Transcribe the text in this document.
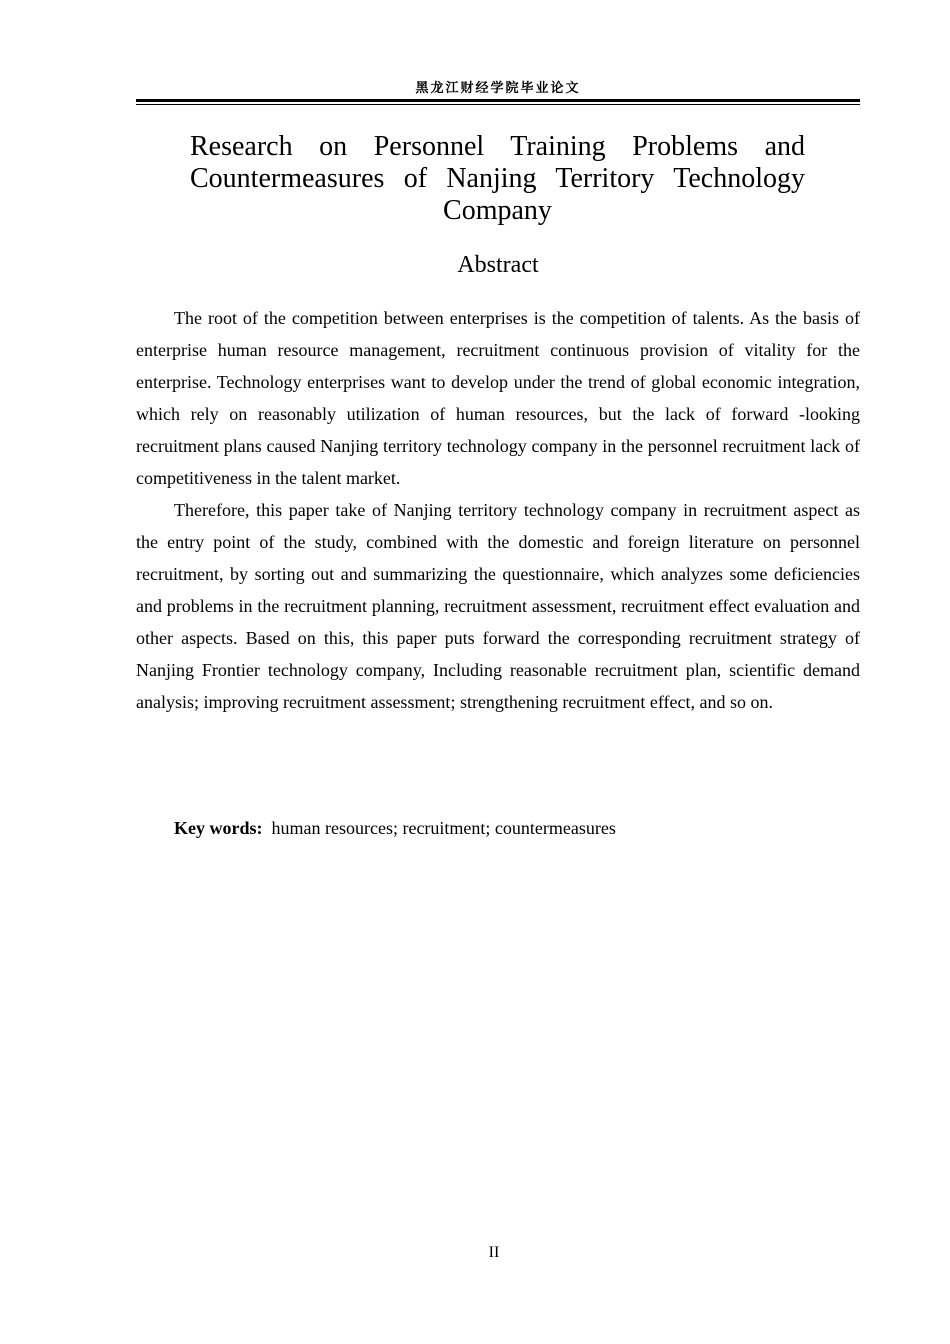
黑龙江财经学院毕业论文
Research on Personnel Training Problems and Countermeasures of Nanjing Territory Technology Company
Abstract

The root of the competition between enterprises is the competition of talents. As the basis of enterprise human resource management, recruitment continuous provision of vitality for the enterprise. Technology enterprises want to develop under the trend of global economic integration, which rely on reasonably utilization of human resources, but the lack of forward -looking recruitment plans caused Nanjing territory technology company in the personnel recruitment lack of competitiveness in the talent market.

Therefore, this paper take of Nanjing territory technology company in recruitment aspect as the entry point of the study, combined with the domestic and foreign literature on personnel recruitment, by sorting out and summarizing the questionnaire, which analyzes some deficiencies and problems in the recruitment planning, recruitment assessment, recruitment effect evaluation and other aspects. Based on this, this paper puts forward the corresponding recruitment strategy of Nanjing Frontier technology company, Including reasonable recruitment plan, scientific demand analysis; improving recruitment assessment; strengthening recruitment effect, and so on.

Key words: human resources; recruitment; countermeasures

II
